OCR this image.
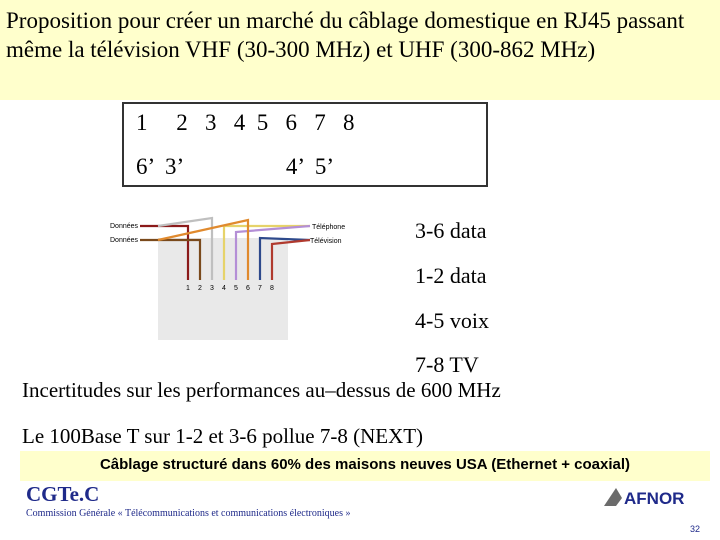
Proposition pour créer un marché du câblage domestique en RJ45 passant même la télévision VHF (30-300 MHz) et UHF (300-862 MHz)
1     2   3   4  5   6   7   8
6’  3’                  4’  5’
Données
Données
Téléphone
Télévision
1 2 3 4 5 6 7 8
3-6 data
1-2 data
4-5 voix
7-8 TV
Incertitudes sur les performances au–dessus de 600 MHz
Le 100Base T sur 1-2 et 3-6 pollue 7-8 (NEXT)
Câblage structuré dans 60% des maisons neuves USA (Ethernet + coaxial)
CGTe.C
Commission Générale « Télécommunications et communications électroniques »
AFNOR
32
